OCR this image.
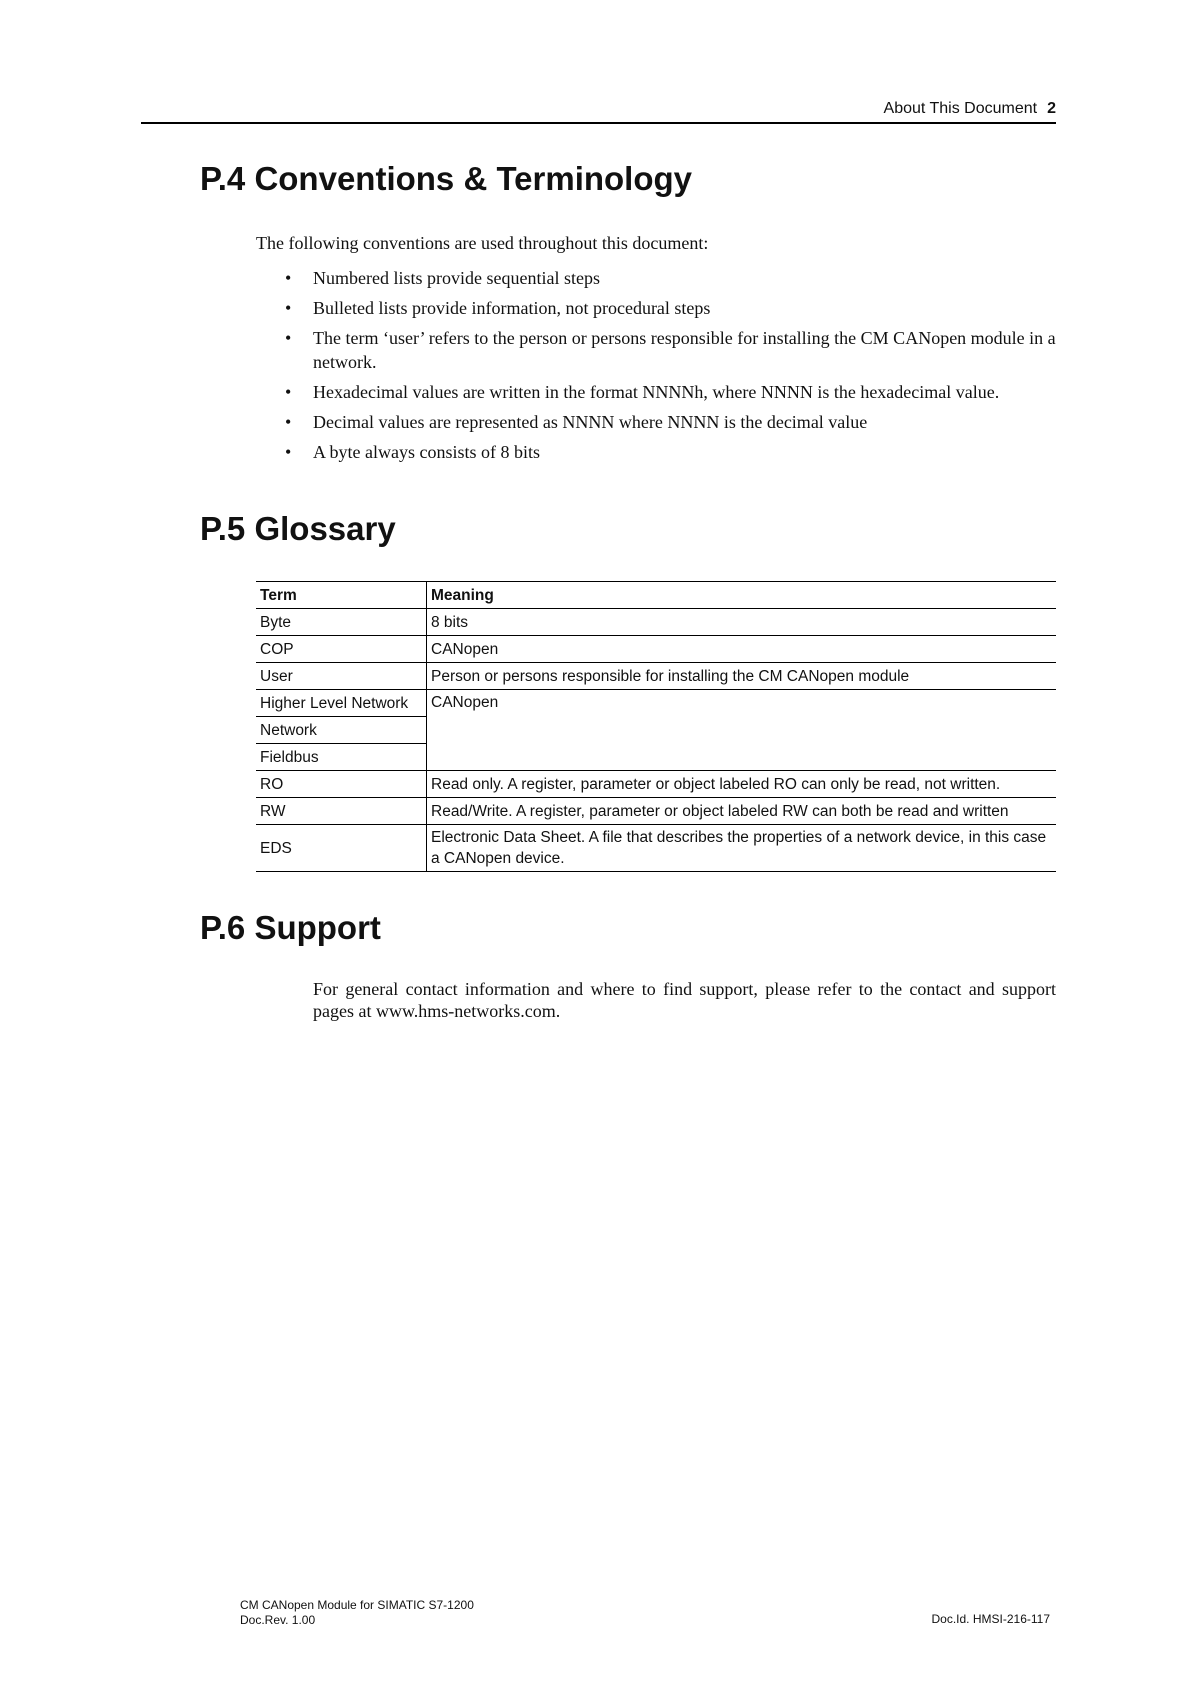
About This Document 2
P.4 Conventions & Terminology

The following conventions are used throughout this document:

• Numbered lists provide sequential steps
• Bulleted lists provide information, not procedural steps
• The term ‘user’ refers to the person or persons responsible for installing the CM CANopen module in a network.
• Hexadecimal values are written in the format NNNNh, where NNNN is the hexadecimal value.
• Decimal values are represented as NNNN where NNNN is the decimal value
• A byte always consists of 8 bits
P.5 Glossary
Term	Meaning
Byte	8 bits
COP	CANopen
User	Person or persons responsible for installing the CM CANopen module
Higher Level Network	CANopen
Network	
Fieldbus	
RO	Read only. A register, parameter or object labeled RO can only be read, not written.
RW	Read/Write. A register, parameter or object labeled RW can both be read and written
EDS	Electronic Data Sheet. A file that describes the properties of a network device, in this case a CANopen device.
P.6 Support

For general contact information and where to find support, please refer to the contact and support pages at www.hms-networks.com.

CM CANopen Module for SIMATIC S7-1200
Doc.Rev. 1.00	Doc.Id. HMSI-216-117
